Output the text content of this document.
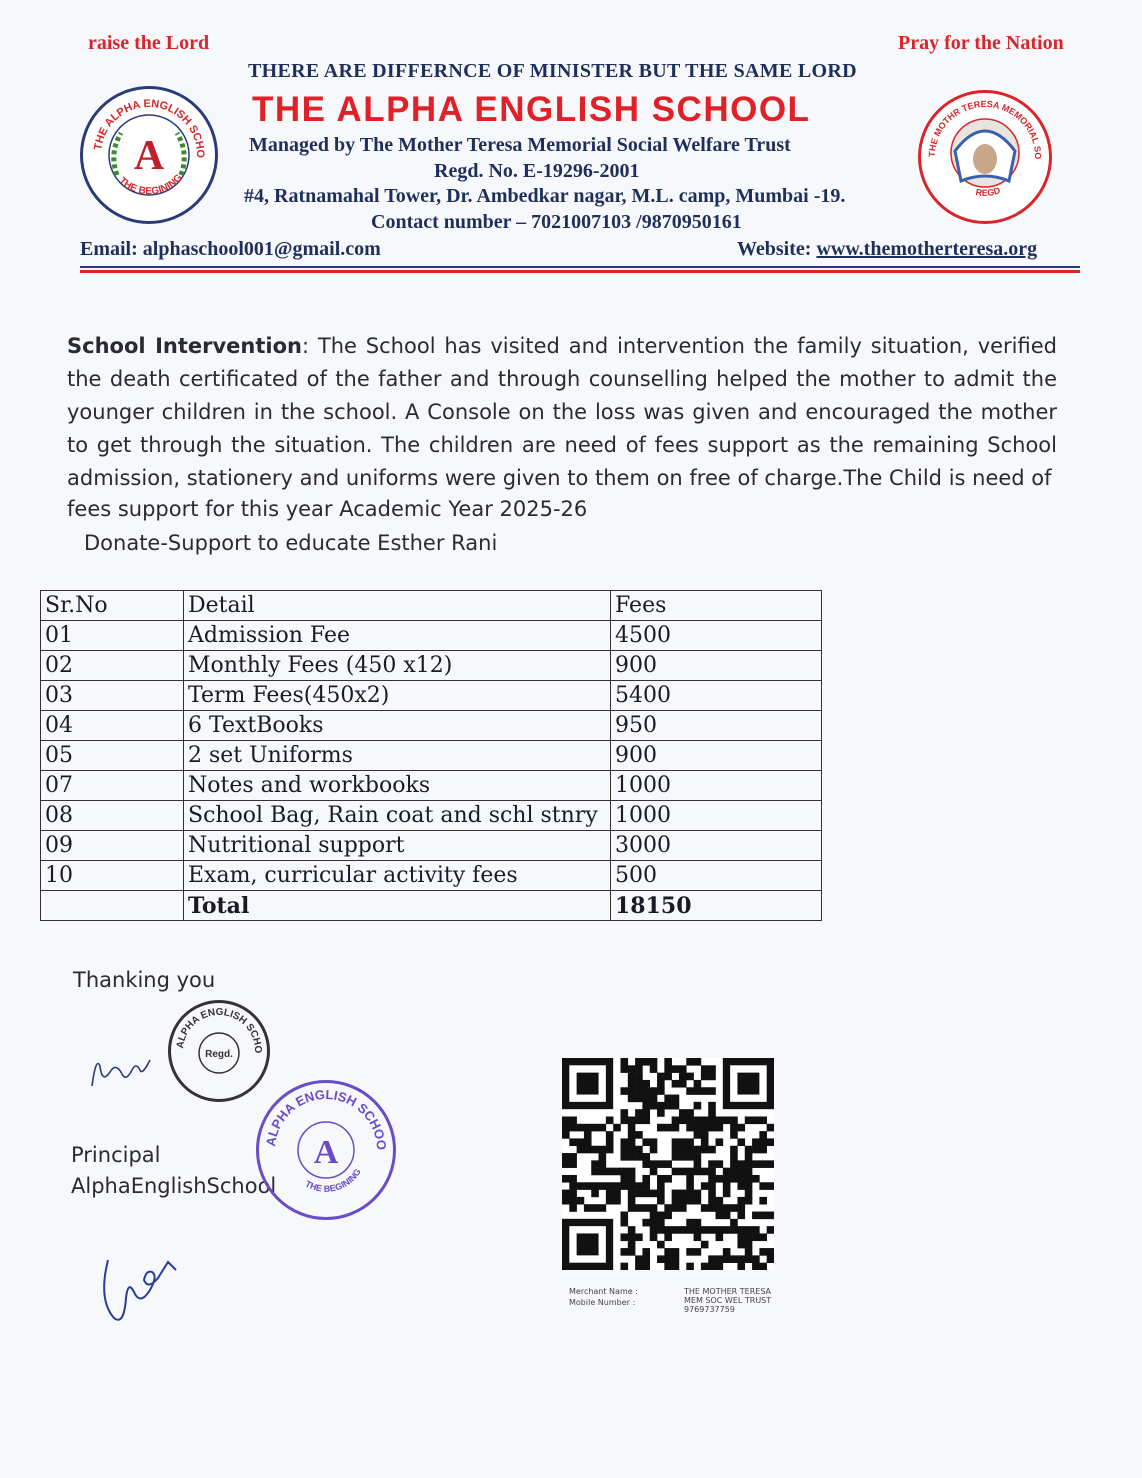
raise the Lord	Pray for the Nation
THERE ARE DIFFERNCE OF MINISTER BUT THE SAME LORD
THE ALPHA ENGLISH SCHO
THE BEGINING
A
THE ALPHA ENGLISH SCHOOL
Managed by The Mother Teresa Memorial Social Welfare Trust
Regd. No. E-19296-2001
#4, Ratnamahal Tower, Dr. Ambedkar nagar, M.L. camp, Mumbai -19.
Contact number – 7021007103 /9870950161
Email: alphaschool001@gmail.com	Website: www.themotherteresa.org
THE MOTHR TERESA MEMORIAL SO
REGD
School Intervention: The School has visited and intervention the family situation, verified the death certificated of the father and through counselling helped the mother to admit the younger children in the school. A Console on the loss was given and encouraged the mother to get through the situation. The children are need of fees support as the remaining School admission, stationery and uniforms were given to them on free of charge.The Child is need of
fees support for this year Academic Year 2025-26
Donate-Support to educate Esther Rani
Sr.No	Detail	Fees
01	Admission Fee	4500
02	Monthly Fees (450 x12)	900
03	Term Fees(450x2)	5400
04	6 TextBooks	950
05	2 set Uniforms	900
07	Notes and workbooks	1000
08	School Bag, Rain coat and schl stnry	1000
09	Nutritional support	3000
10	Exam, curricular activity fees	500
	Total	18150
Thanking you
ALPHA ENGLISH SCHO
Regd.
Principal
AlphaEnglishSchool
ALPHA ENGLISH SCHOO
THE BEGINING
A
Merchant Name :
Mobile Number :
THE MOTHER TERESA
MEM SOC WEL TRUST
9769737759
